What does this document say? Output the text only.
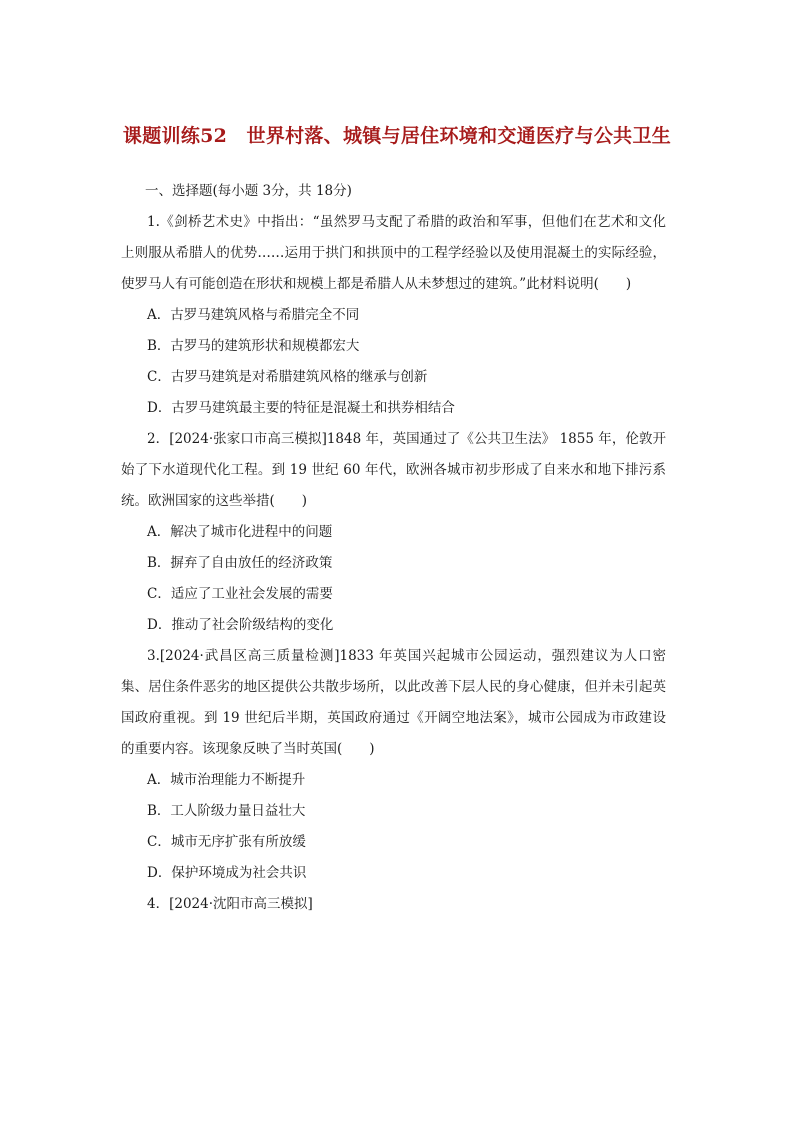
课题训练52　世界村落、城镇与居住环境和交通医疗与公共卫生

一、选择题(每小题 3分，共 18分)

1.《剑桥艺术史》中指出：“虽然罗马支配了希腊的政治和军事，但他们在艺术和文化上则服从希腊人的优势……运用于拱门和拱顶中的工程学经验以及使用混凝土的实际经验，使罗马人有可能创造在形状和规模上都是希腊人从未梦想过的建筑。”此材料说明(　　)

A．古罗马建筑风格与希腊完全不同

B．古罗马的建筑形状和规模都宏大

C．古罗马建筑是对希腊建筑风格的继承与创新

D．古罗马建筑最主要的特征是混凝土和拱券相结合

2．[2024·张家口市高三模拟]1848 年，英国通过了《公共卫生法》 1855 年，伦敦开始了下水道现代化工程。到 19 世纪 60 年代，欧洲各城市初步形成了自来水和地下排污系统。欧洲国家的这些举措(　　)

A．解决了城市化进程中的问题

B．摒弃了自由放任的经济政策

C．适应了工业社会发展的需要

D．推动了社会阶级结构的变化

3.[2024·武昌区高三质量检测]1833 年英国兴起城市公园运动，强烈建议为人口密集、居住条件恶劣的地区提供公共散步场所，以此改善下层人民的身心健康，但并未引起英国政府重视。到 19 世纪后半期，英国政府通过《开阔空地法案》，城市公园成为市政建设的重要内容。该现象反映了当时英国(　　)

A．城市治理能力不断提升

B．工人阶级力量日益壮大

C．城市无序扩张有所放缓

D．保护环境成为社会共识

4．[2024·沈阳市高三模拟]
